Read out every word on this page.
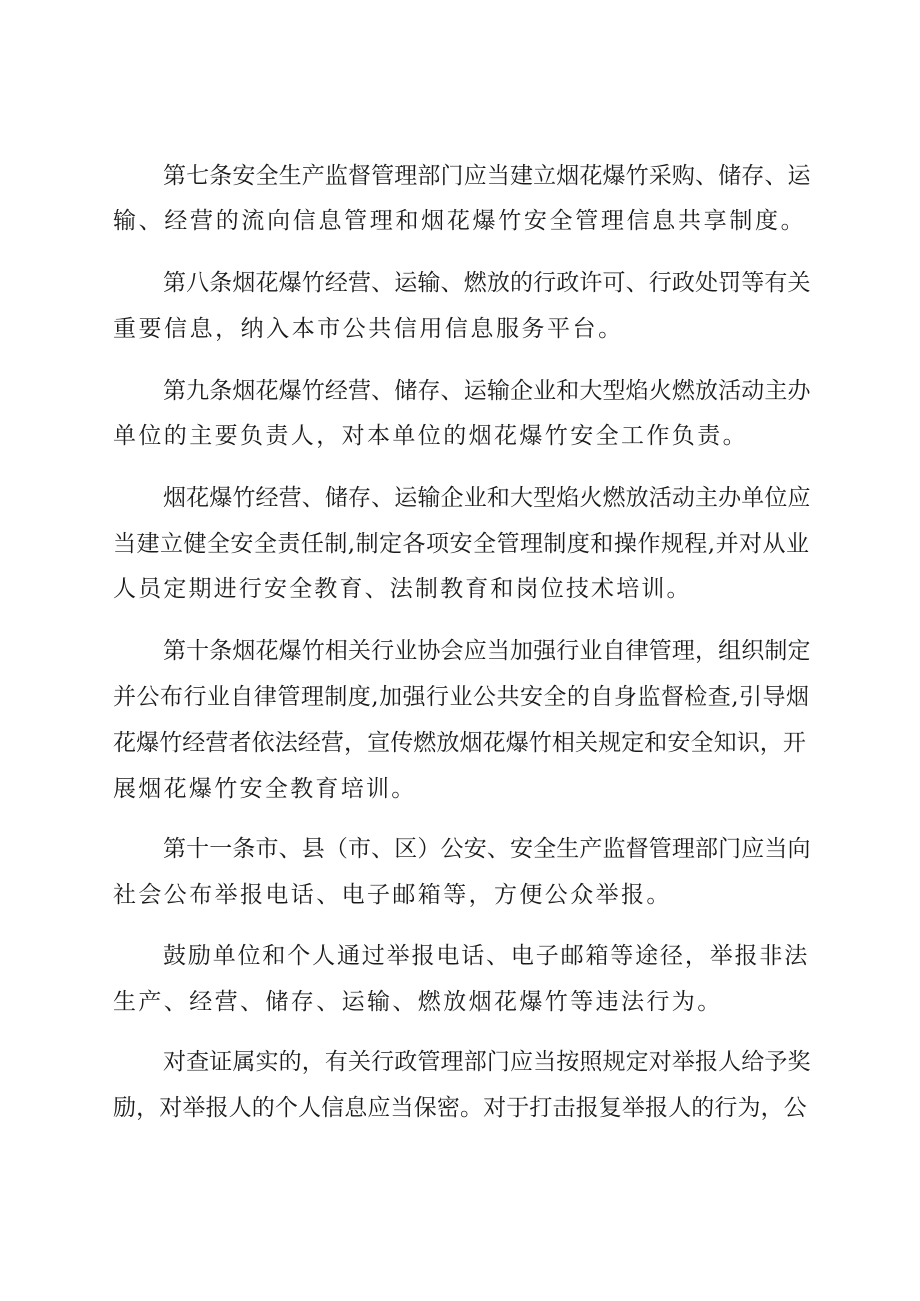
第七条安全生产监督管理部门应当建立烟花爆竹采购、储存、运
输、经营的流向信息管理和烟花爆竹安全管理信息共享制度。
第八条烟花爆竹经营、运输、燃放的行政许可、行政处罚等有关
重要信息，纳入本市公共信用信息服务平台。
第九条烟花爆竹经营、储存、运输企业和大型焰火燃放活动主办
单位的主要负责人，对本单位的烟花爆竹安全工作负责。
烟花爆竹经营、储存、运输企业和大型焰火燃放活动主办单位应
当建立健全安全责任制,制定各项安全管理制度和操作规程,并对从业
人员定期进行安全教育、法制教育和岗位技术培训。
第十条烟花爆竹相关行业协会应当加强行业自律管理，组织制定
并公布行业自律管理制度,加强行业公共安全的自身监督检查,引导烟
花爆竹经营者依法经营，宣传燃放烟花爆竹相关规定和安全知识，开
展烟花爆竹安全教育培训。
第十一条市、县（市、区）公安、安全生产监督管理部门应当向
社会公布举报电话、电子邮箱等，方便公众举报。
鼓励单位和个人通过举报电话、电子邮箱等途径，举报非法
生产、经营、储存、运输、燃放烟花爆竹等违法行为。
对查证属实的，有关行政管理部门应当按照规定对举报人给予奖
励，对举报人的个人信息应当保密。对于打击报复举报人的行为，公
